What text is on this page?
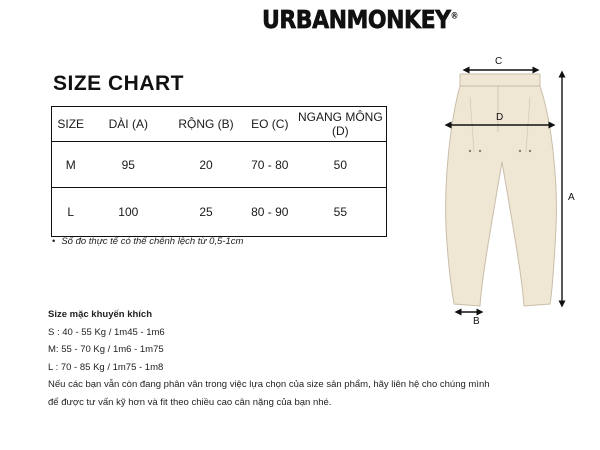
URBANMONKEY®
SIZE CHART
SIZE	DÀI (A)	RỘNG (B)	EO (C)	NGANG MÔNG (D)
M	95	20	70 - 80	50
L	100	25	80 - 90	55
• Số đo thực tế có thể chênh lệch từ 0,5-1cm
Size mặc khuyến khích
S : 40 - 55 Kg / 1m45 - 1m6
M: 55 - 70 Kg / 1m6 - 1m75
L : 70 - 85 Kg / 1m75 - 1m8
Nếu các bạn vẫn còn đang phân vân trong việc lựa chọn của size sản phẩm, hãy liên hệ cho chúng mình
để được tư vấn kỹ hơn và fit theo chiều cao cân nặng của bạn nhé.
C
D
A
B
